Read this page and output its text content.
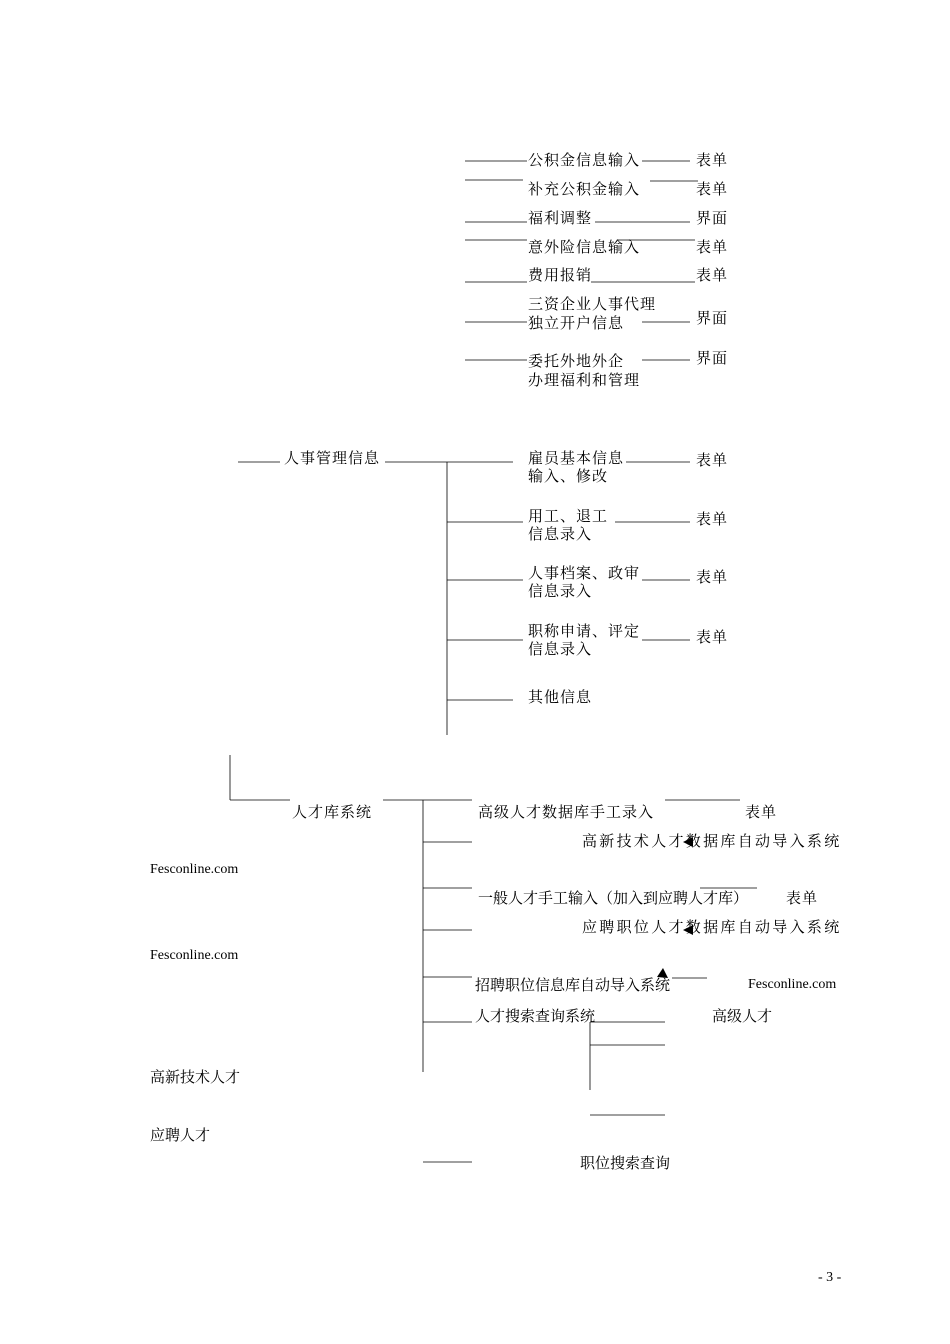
公积金信息输入	表单
补充公积金输入	表单
福利调整	界面
意外险信息输入	表单
费用报销	表单
三资企业人事代理
独立开户信息	界面
委托外地外企
办理福利和管理
界面
人事管理信息	雇员基本信息
输入、修改
表单
用工、退工
信息录入
表单
人事档案、政审
信息录入
表单
职称申请、评定
信息录入
表单
其他信息
人才库系统	高级人才数据库手工录入	表单
高新技术人才数据库自动导入系统
Fesconline.com
一般人才手工输入（加入到应聘人才库）	表单
应聘职位人才数据库自动导入系统
Fesconline.com
招聘职位信息库自动导入系统	Fesconline.com
人才搜索查询系统	高级人才
高新技术人才
应聘人才
职位搜索查询
- 3 -
